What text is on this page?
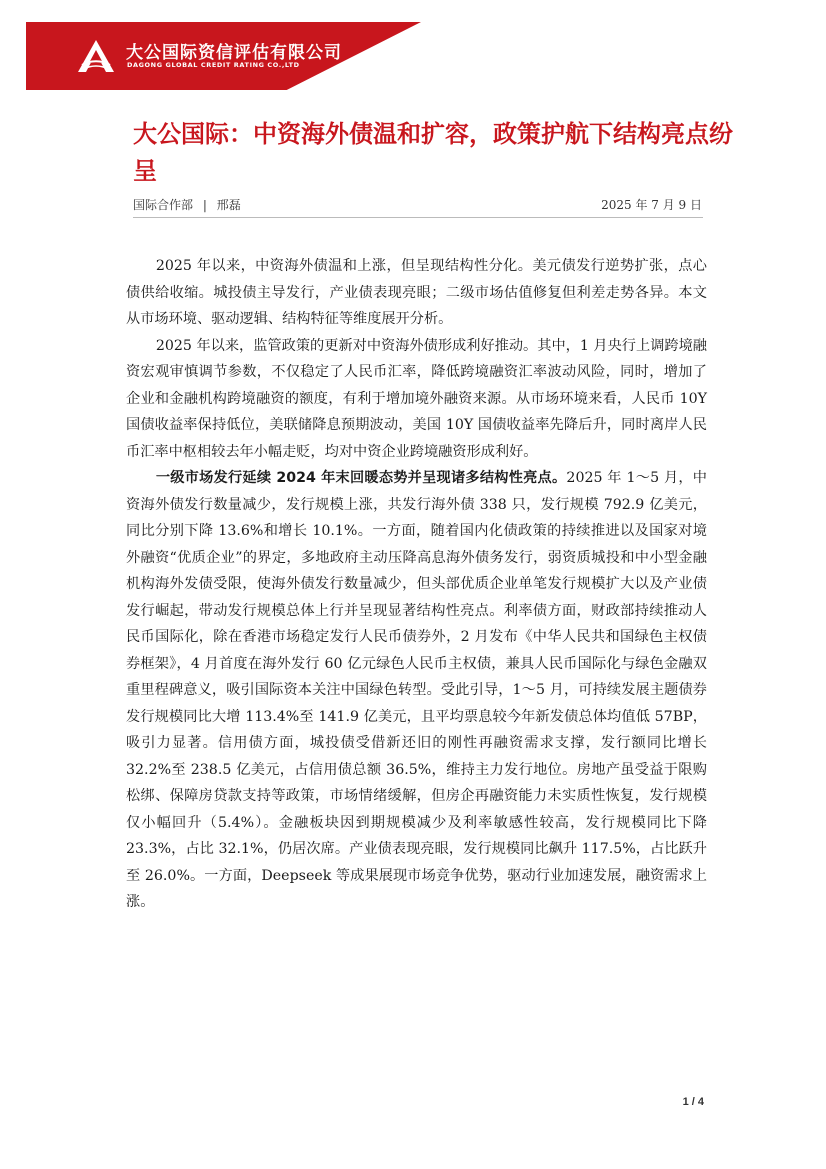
大公国际资信评估有限公司
DAGONG GLOBAL CREDIT RATING CO.,LTD
大公国际：中资海外债温和扩容，政策护航下结构亮点纷呈
国际合作部 | 邢磊	2025 年 7 月 9 日

2025 年以来，中资海外债温和上涨，但呈现结构性分化。美元债发行逆势扩张，点心债供给收缩。城投债主导发行，产业债表现亮眼；二级市场估值修复但利差走势各异。本文从市场环境、驱动逻辑、结构特征等维度展开分析。

2025 年以来，监管政策的更新对中资海外债形成利好推动。其中，1 月央行上调跨境融资宏观审慎调节参数，不仅稳定了人民币汇率，降低跨境融资汇率波动风险，同时，增加了企业和金融机构跨境融资的额度，有利于增加境外融资来源。从市场环境来看，人民币 10Y 国债收益率保持低位，美联储降息预期波动，美国 10Y 国债收益率先降后升，同时离岸人民币汇率中枢相较去年小幅走贬，均对中资企业跨境融资形成利好。

一级市场发行延续 2024 年末回暖态势并呈现诸多结构性亮点。2025 年 1～5 月，中资海外债发行数量减少，发行规模上涨，共发行海外债 338 只，发行规模 792.9 亿美元，同比分别下降 13.6%和增长 10.1%。一方面，随着国内化债政策的持续推进以及国家对境外融资“优质企业”的界定，多地政府主动压降高息海外债务发行，弱资质城投和中小型金融机构海外发债受限，使海外债发行数量减少，但头部优质企业单笔发行规模扩大以及产业债发行崛起，带动发行规模总体上行并呈现显著结构性亮点。利率债方面，财政部持续推动人民币国际化，除在香港市场稳定发行人民币债券外，2 月发布《中华人民共和国绿色主权债券框架》，4 月首度在海外发行 60 亿元绿色人民币主权债，兼具人民币国际化与绿色金融双重里程碑意义，吸引国际资本关注中国绿色转型。受此引导，1～5 月，可持续发展主题债券发行规模同比大增 113.4%至 141.9 亿美元，且平均票息较今年新发债总体均值低 57BP，吸引力显著。信用债方面，城投债受借新还旧的刚性再融资需求支撑，发行额同比增长 32.2%至 238.5 亿美元，占信用债总额 36.5%，维持主力发行地位。房地产虽受益于限购松绑、保障房贷款支持等政策，市场情绪缓解，但房企再融资能力未实质性恢复，发行规模仅小幅回升（5.4%）。金融板块因到期规模减少及利率敏感性较高，发行规模同比下降 23.3%，占比 32.1%，仍居次席。产业债表现亮眼，发行规模同比飙升 117.5%，占比跃升至 26.0%。一方面，Deepseek 等成果展现市场竞争优势，驱动行业加速发展，融资需求上涨。

1 / 4
